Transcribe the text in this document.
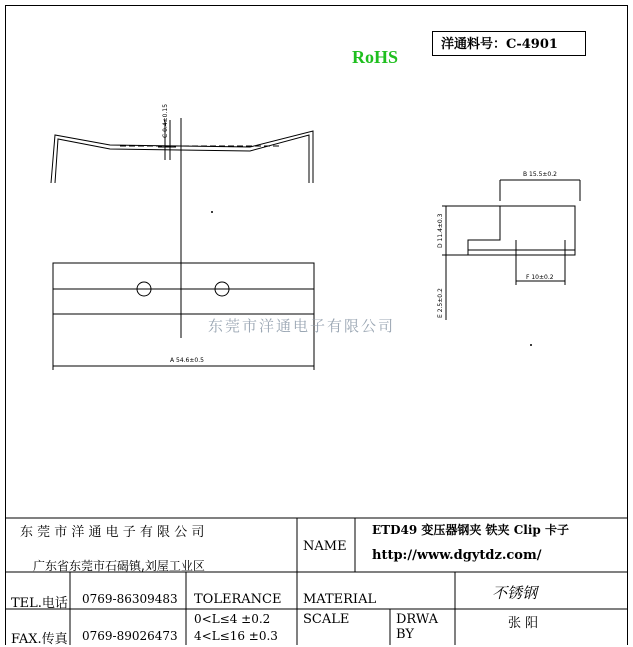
洋通料号：C-4901
RoHS
C 0.4±0.15
A 54.6±0.5
B 15.5±0.2
D 11.4±0.3
E 2.5±0.2
F 10±0.2
东莞市洋通电子有限公司
东 莞 市 洋 通 电 子 有 限 公 司
广东省东莞市石碣镇,刘屋工业区
NAME
ETD49 变压器钢夹 铁夹 Clip 卡子
http://www.dgytdz.com/
TEL.电话 0769-86309483 TOLERANCE MATERIAL	不锈钢
FAX.传真 0769-89026473
0<L≤4 ±0.2
4<L≤16 ±0.3
SCALE	DRWA BY
张 阳
